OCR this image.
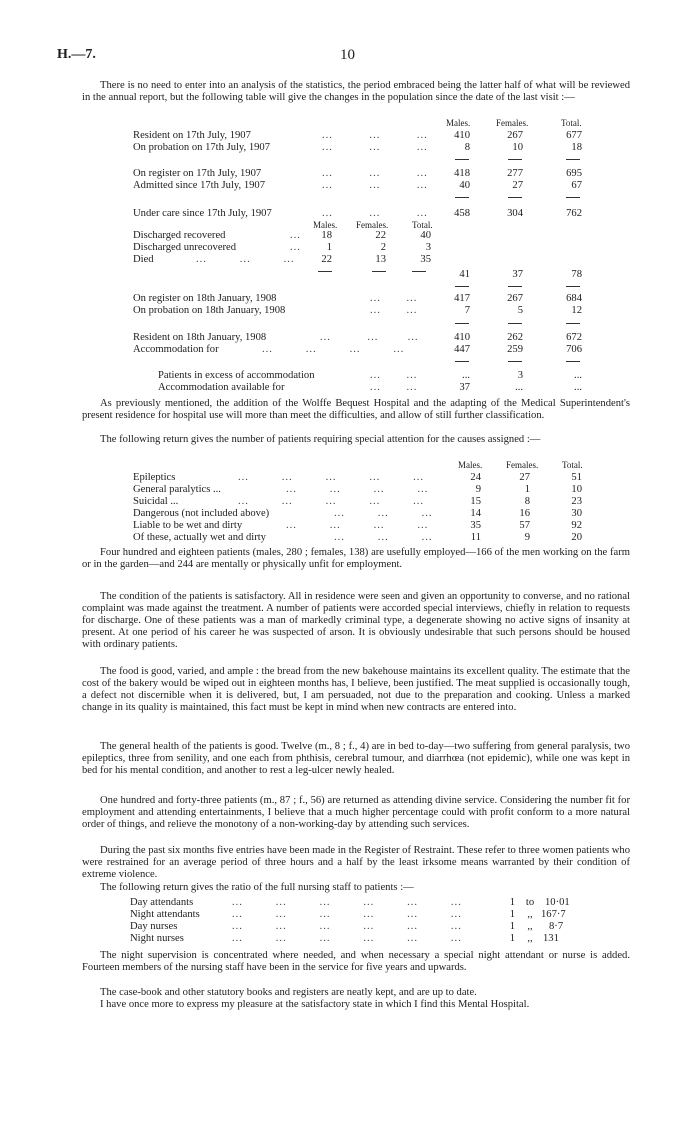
H.—7.	10

There is no need to enter into an analysis of the statistics, the period embraced being the latter half of what will be reviewed in the annual report, but the following table will give the changes in the population since the date of the last visit :—

Males.	Females.	Total.
Resident on 17th July, 1907	...          ...          ...	410	267	677
On probation on 17th July, 1907	...          ...          ...	8	10	18
On register on 17th July, 1907	...          ...          ...	418	277	695
Admitted since 17th July, 1907	...          ...          ...	40	27	67
Under care since 17th July, 1907	...          ...          ...	458	304	762
Males. Females.	Total.
Discharged recovered	...	18	22	40
Discharged unrecovered	...	1	2	3
Died	...         ...         ...	22	13	35
41	37	78
On register on 18th January, 1908	...       ...	417	267	684
On probation on 18th January, 1908	...       ...	7	5	12
Resident on 18th January, 1908	...          ...        ...	410	262	672
Accommodation for	...         ...         ...         ...	447	259	706
Patients in excess of accommodation	...       ...	...	3	...
Accommodation available for	...       ...	37	...	...

As previously mentioned, the addition of the Wolffe Bequest Hospital and the adapting of the Medical Superintendent's present residence for hospital use will more than meet the difficulties, and allow of still further classification.

The following return gives the number of patients requiring special attention for the causes assigned :—

Males.	Females.	Total.
Epileptics	...         ...         ...         ...         ...	24	27	51
General paralytics ...	...         ...         ...         ...	9	1	10
Suicidal ...	...         ...         ...         ...         ...	15	8	23
Dangerous (not included above)	...         ...         ...	14	16	30
Liable to be wet and dirty	...         ...         ...         ...	35	57	92
Of these, actually wet and dirty	...         ...         ...	11	9	20

Four hundred and eighteen patients (males, 280 ; females, 138) are usefully employed—166 of the men working on the farm or in the garden—and 244 are mentally or physically unfit for employment.

The condition of the patients is satisfactory. All in residence were seen and given an opportunity to converse, and no rational complaint was made against the treatment. A number of patients were accorded special interviews, chiefly in relation to requests for discharge. One of these patients was a man of markedly criminal type, a degenerate showing no active signs of insanity at present. At one period of his career he was suspected of arson. It is obviously undesirable that such persons should be housed with ordinary patients.

The food is good, varied, and ample : the bread from the new bakehouse maintains its excellent quality. The estimate that the cost of the bakery would be wiped out in eighteen months has, I believe, been justified. The meat supplied is occasionally tough, a defect not discernible when it is delivered, but, I am persuaded, not due to the preparation and cooking. Unless a marked change in its quality is maintained, this fact must be kept in mind when new contracts are entered into.

The general health of the patients is good. Twelve (m., 8 ; f., 4) are in bed to-day—two suffering from general paralysis, two epileptics, three from senility, and one each from phthisis, cerebral tumour, and diarrhœa (not epidemic), while one was kept in bed for his mental condition, and another to rest a leg-ulcer newly healed.

One hundred and forty-three patients (m., 87 ; f., 56) are returned as attending divine service. Considering the number fit for employment and attending entertainments, I believe that a much higher percentage could with profit conform to a more natural order of things, and relieve the monotony of a non-working-day by attending such services.

During the past six months five entries have been made in the Register of Restraint. These refer to three women patients who were restrained for an average period of three hours and a half by the least irksome means warranted by their condition of extreme violence.

The following return gives the ratio of the full nursing staff to patients :—

Day attendants	...         ...         ...         ...         ...         ...	1	to	10·01
Night attendants	...         ...         ...         ...         ...         ...	1	,, 167·7
Day nurses	...         ...         ...         ...         ...         ...	1	,,	8·7
Night nurses	...         ...         ...         ...         ...         ...	1	,, 131

The night supervision is concentrated where needed, and when necessary a special night attendant or nurse is added. Fourteen members of the nursing staff have been in the service for five years and upwards.

The case-book and other statutory books and registers are neatly kept, and are up to date.

I have once more to express my pleasure at the satisfactory state in which I find this Mental Hospital.
